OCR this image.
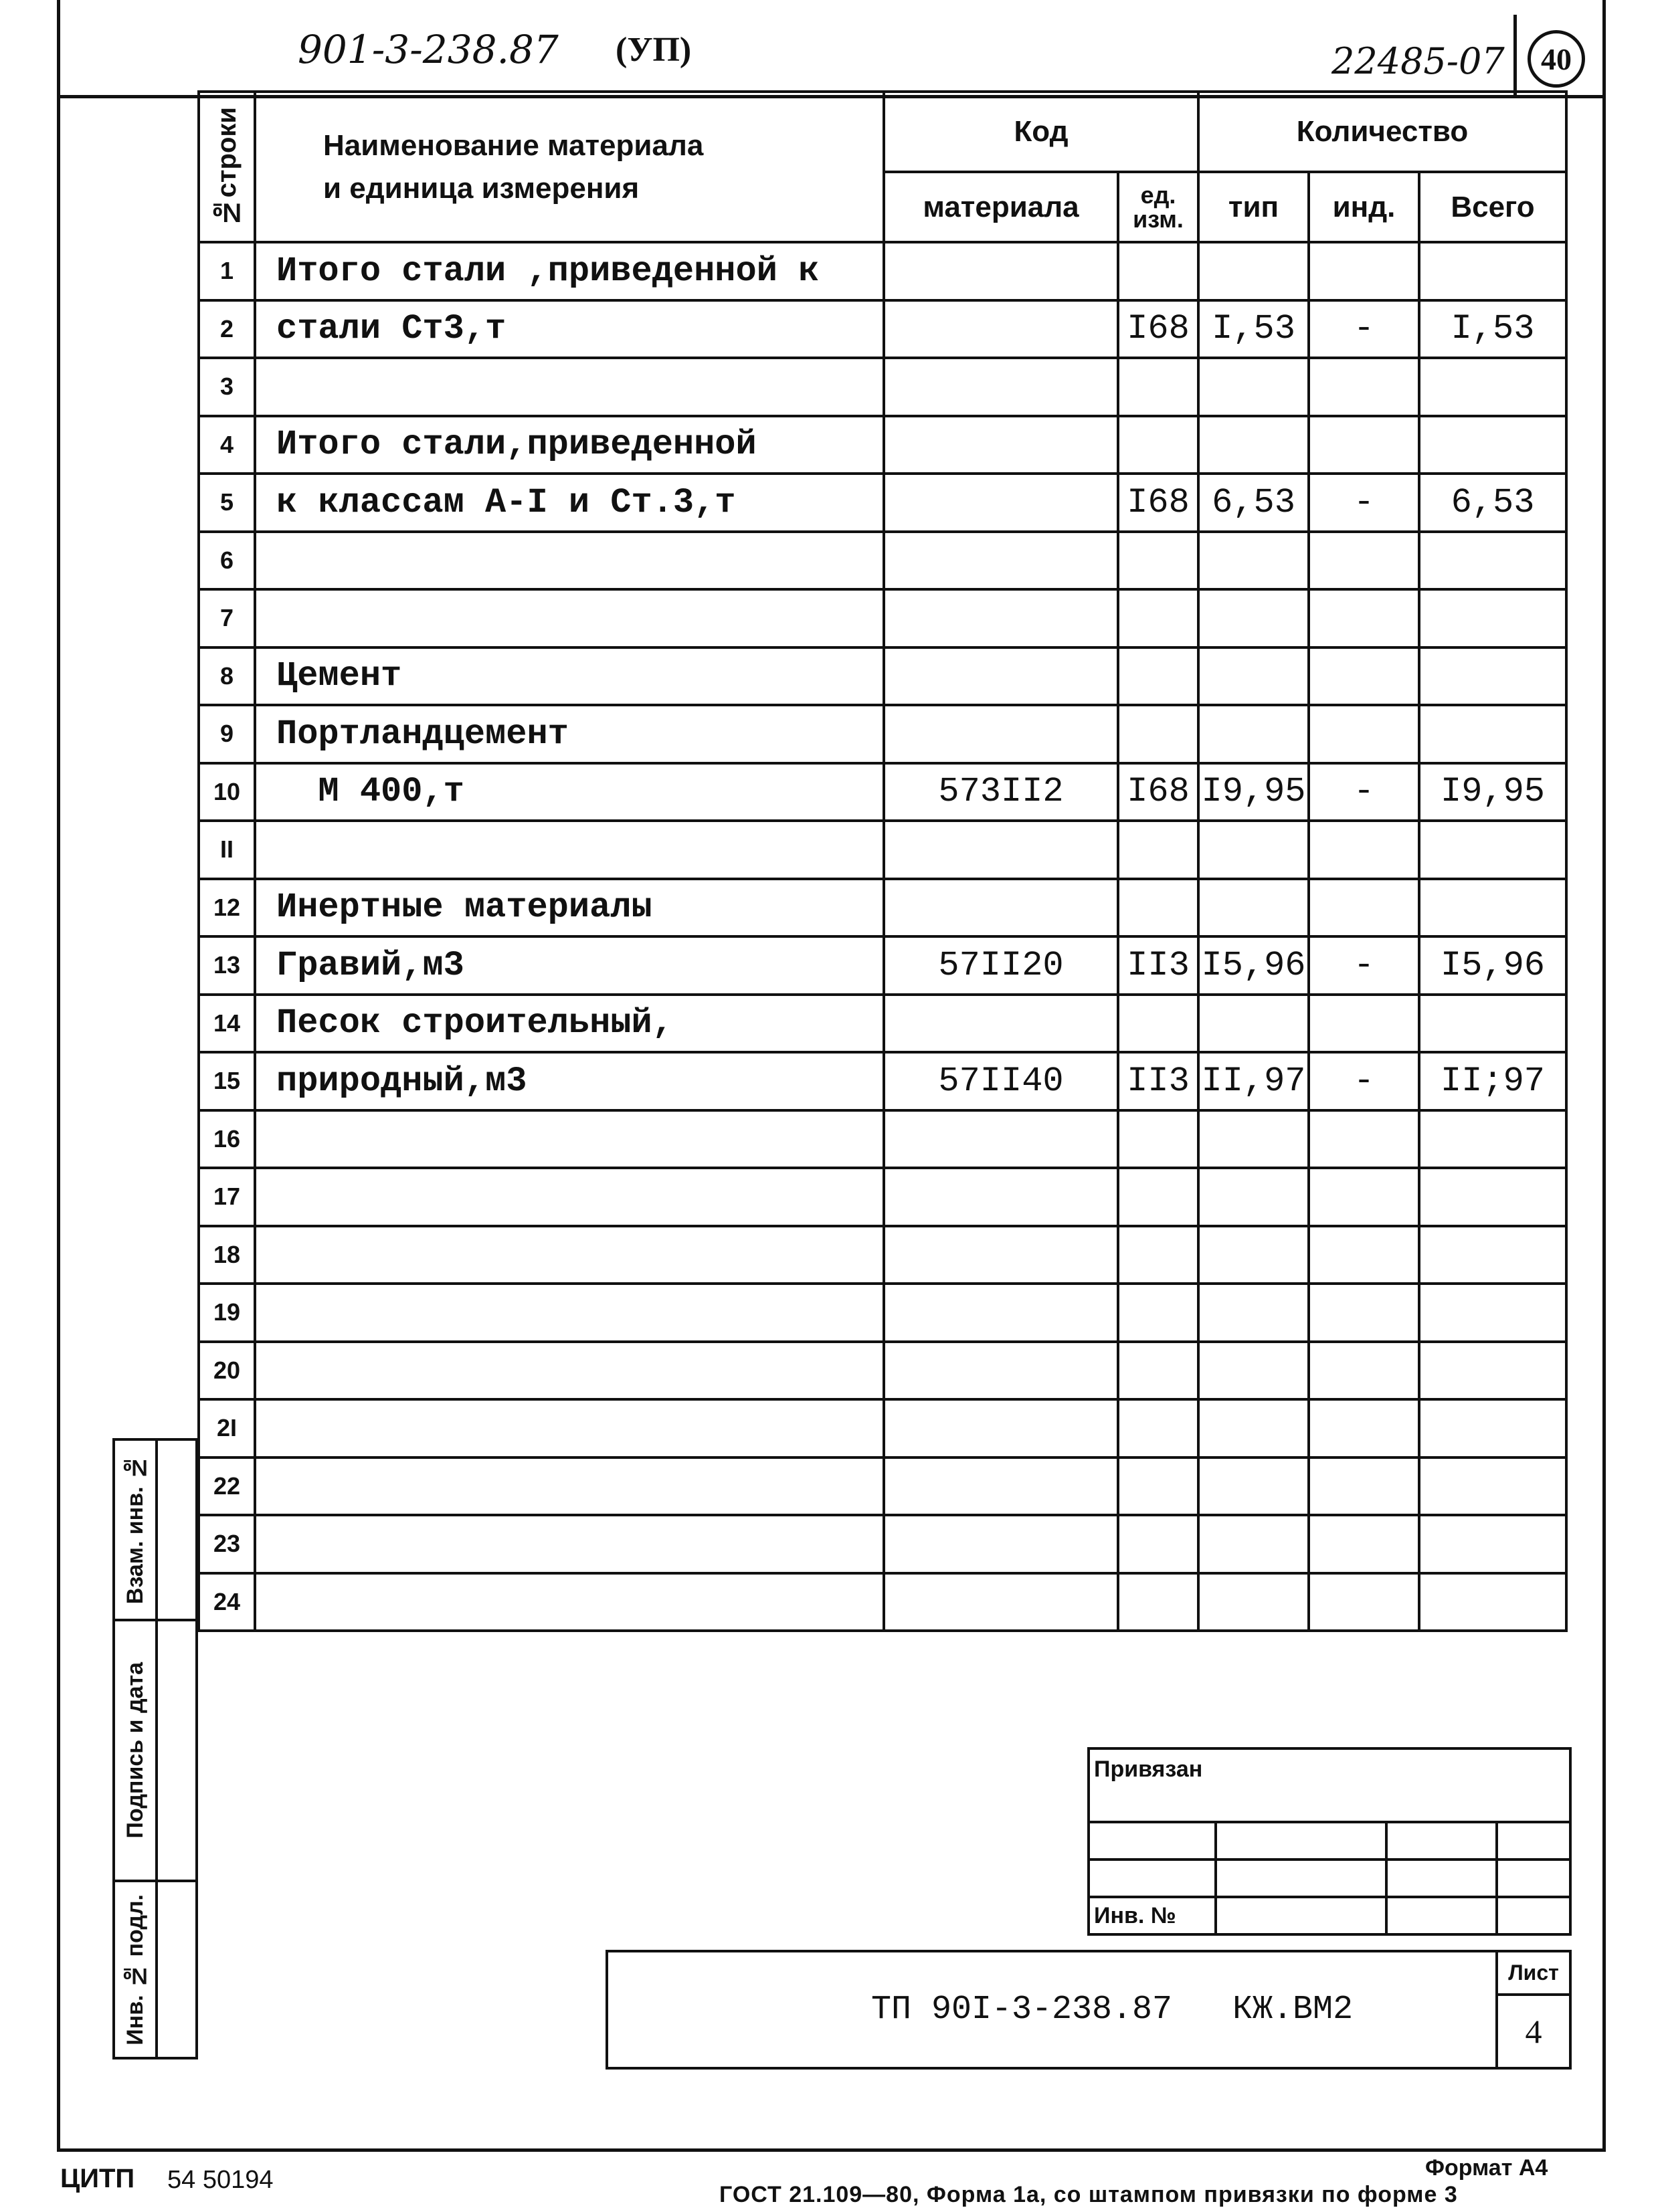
901-3-238.87 (УП)	22485-07 40
№строки	Наименование материала
и единица измерения	Код		Количество		
		материала	ед. изм.	тип	инд.	Всего
1	Итого стали ,приведенной к					
2	стали Ст3,т		I68	I,53	-	I,53
3						
4	Итого стали,приведенной					
5	к классам А-I и Ст.3,т		I68	6,53	-	6,53
6						
7						
8	Цемент					
9	Портландцемент					
10	М 400,т	573II2	I68	I9,95	-	I9,95
II						
12	Инертные материалы					
13	Гравий,м3	57II20	II3	I5,96	-	I5,96
14	Песок строительный,					
15	природный,м3	57II40	II3	II,97	-	II;97
16						
17						
18						
19						
20						
2I						
22						
23						
24						
Взам. инв. №	

Подпись и дата	

Инв. № подл.	

Привязан			

Инв. №			

ТП 90I-3-238.87   КЖ.ВМ2
	Лист
4
ЦИТП 54 50194	Формат А4
ГОСТ 21.109—80, Форма 1а, со штампом привязки по форме 3
